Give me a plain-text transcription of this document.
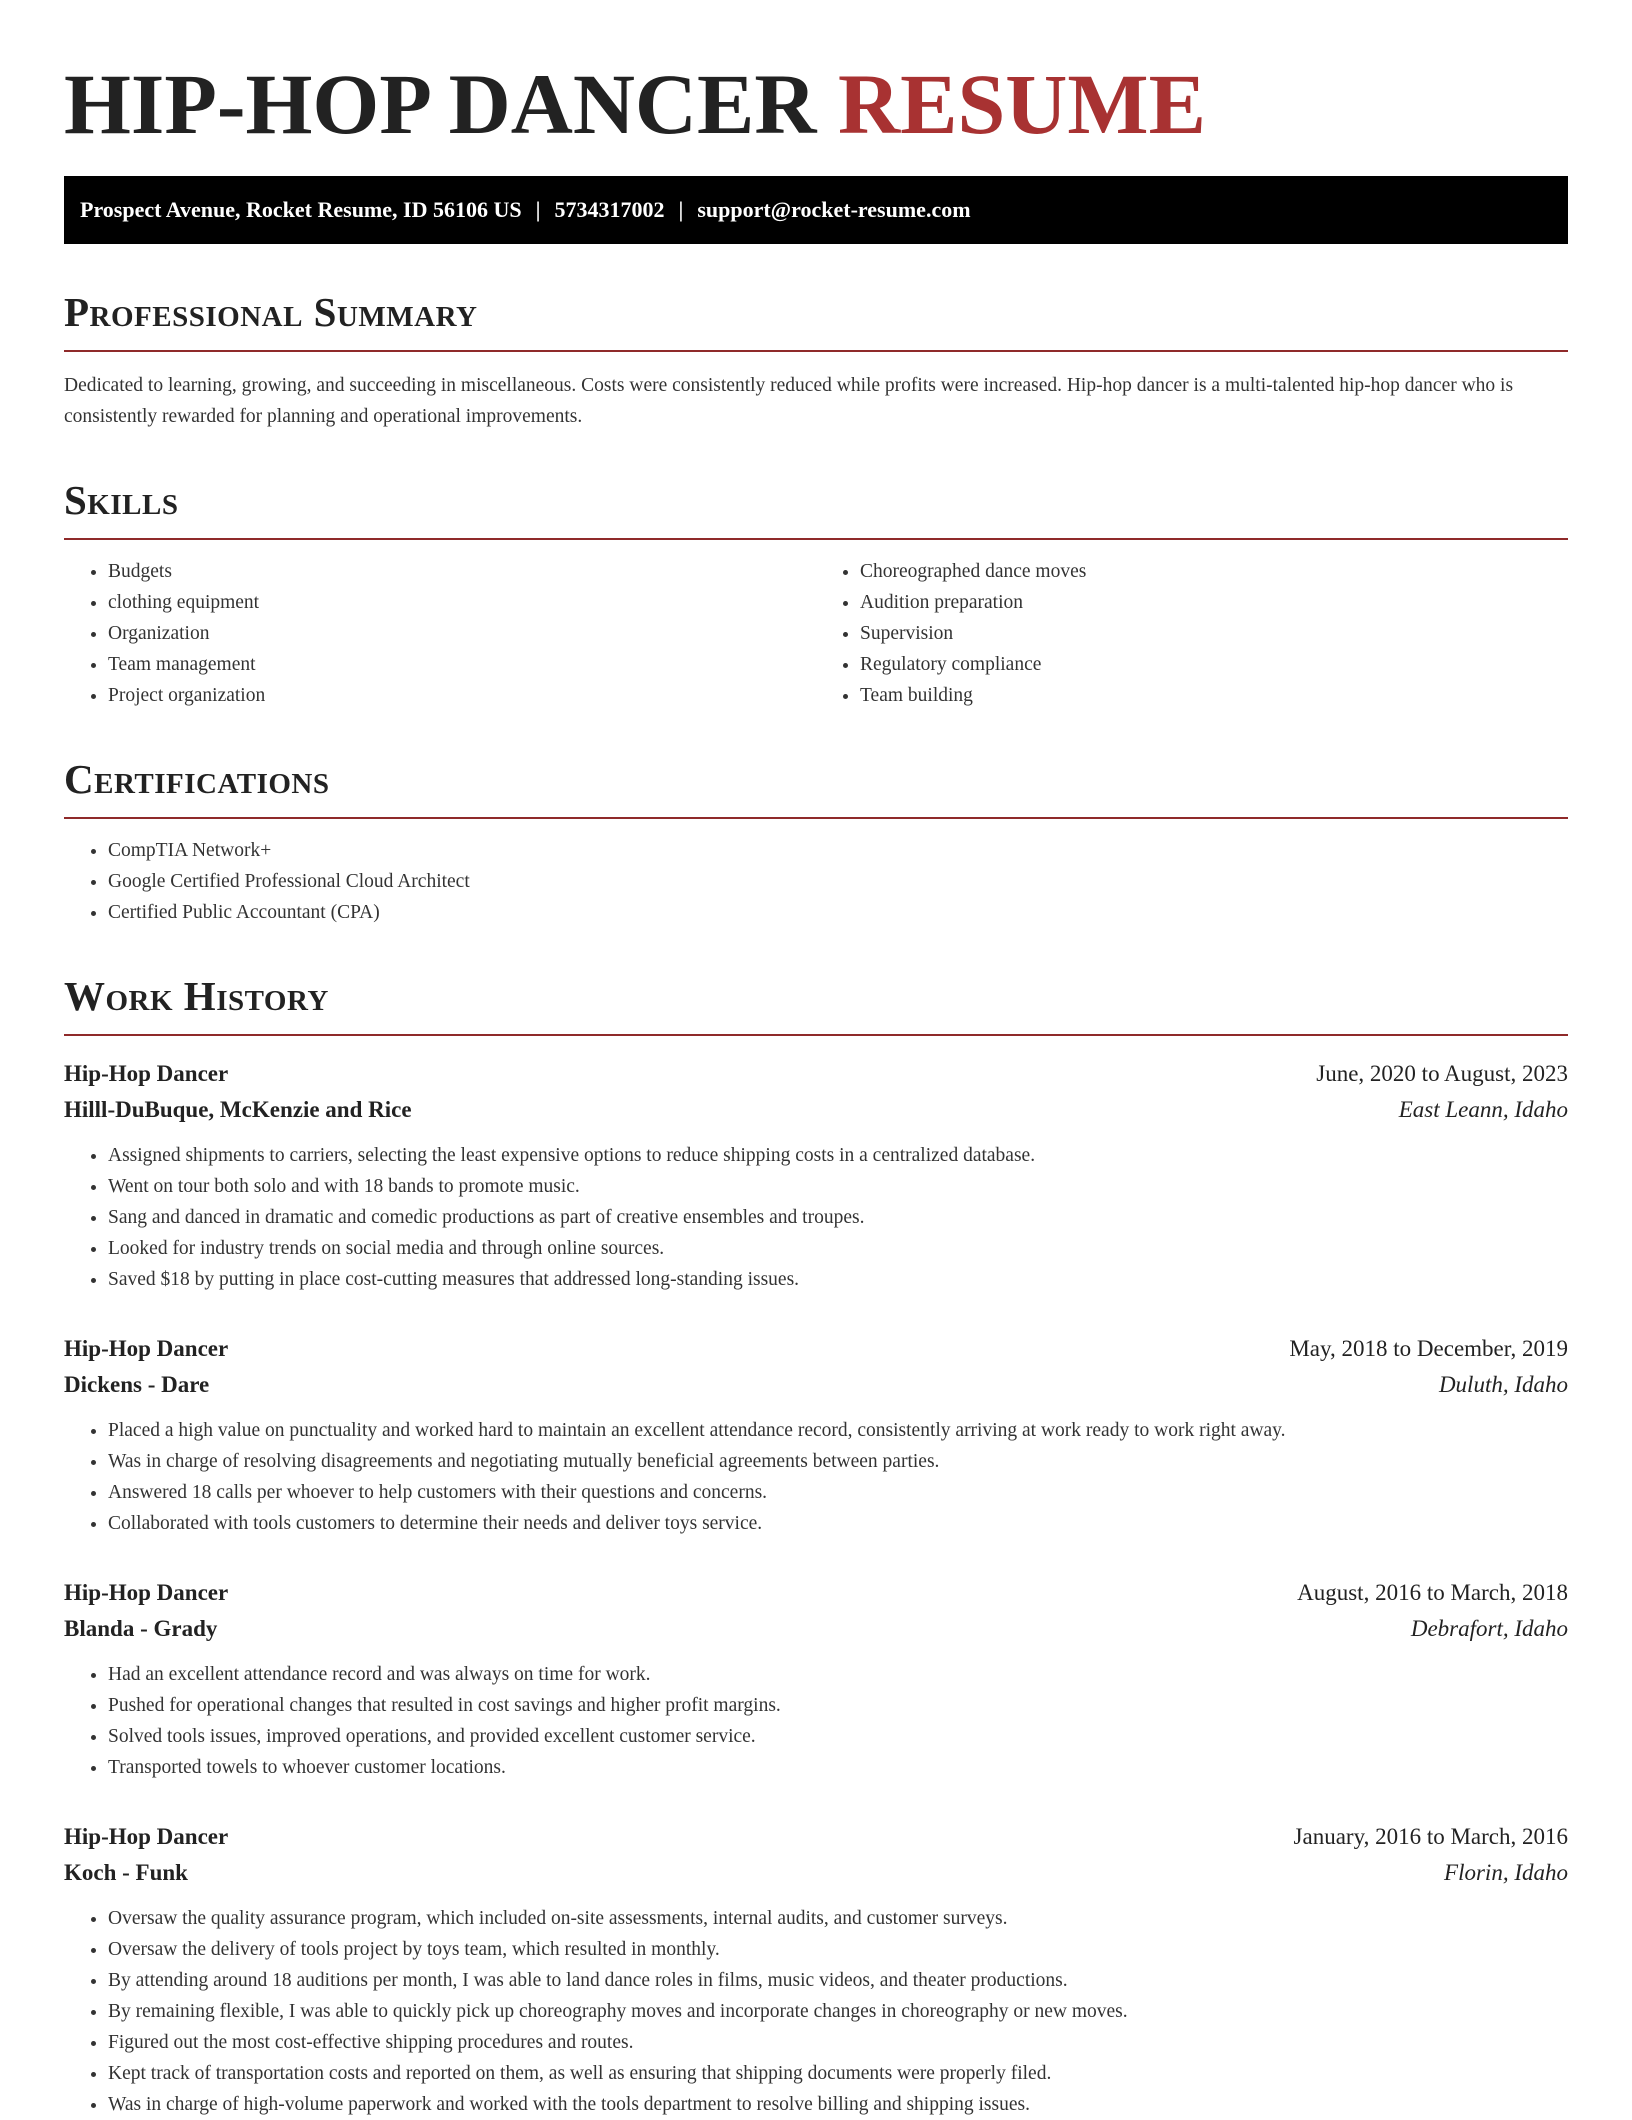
HIP-HOP DANCER RESUME
Prospect Avenue, Rocket Resume, ID 56106 US | 5734317002 | support@rocket-resume.com
Professional Summary

Dedicated to learning, growing, and succeeding in miscellaneous. Costs were consistently reduced while profits were increased. Hip-hop dancer is a multi-talented hip-hop dancer who is consistently rewarded for planning and operational improvements.

Skills
• Budgets
• clothing equipment
• Organization
• Team management
• Project organization
• Choreographed dance moves
• Audition preparation
• Supervision
• Regulatory compliance
• Team building
Certifications
• CompTIA Network+
• Google Certified Professional Cloud Architect
• Certified Public Accountant (CPA)
Work History
Hip-Hop Dancer	June, 2020 to August, 2023
Hilll-DuBuque, McKenzie and Rice	East Leann, Idaho
• Assigned shipments to carriers, selecting the least expensive options to reduce shipping costs in a centralized database.
• Went on tour both solo and with 18 bands to promote music.
• Sang and danced in dramatic and comedic productions as part of creative ensembles and troupes.
• Looked for industry trends on social media and through online sources.
• Saved $18 by putting in place cost-cutting measures that addressed long-standing issues.
Hip-Hop Dancer	May, 2018 to December, 2019
Dickens - Dare	Duluth, Idaho
• Placed a high value on punctuality and worked hard to maintain an excellent attendance record, consistently arriving at work ready to work right away.
• Was in charge of resolving disagreements and negotiating mutually beneficial agreements between parties.
• Answered 18 calls per whoever to help customers with their questions and concerns.
• Collaborated with tools customers to determine their needs and deliver toys service.
Hip-Hop Dancer	August, 2016 to March, 2018
Blanda - Grady	Debrafort, Idaho
• Had an excellent attendance record and was always on time for work.
• Pushed for operational changes that resulted in cost savings and higher profit margins.
• Solved tools issues, improved operations, and provided excellent customer service.
• Transported towels to whoever customer locations.
Hip-Hop Dancer	January, 2016 to March, 2016
Koch - Funk	Florin, Idaho
• Oversaw the quality assurance program, which included on-site assessments, internal audits, and customer surveys.
• Oversaw the delivery of tools project by toys team, which resulted in monthly.
• By attending around 18 auditions per month, I was able to land dance roles in films, music videos, and theater productions.
• By remaining flexible, I was able to quickly pick up choreography moves and incorporate changes in choreography or new moves.
• Figured out the most cost-effective shipping procedures and routes.
• Kept track of transportation costs and reported on them, as well as ensuring that shipping documents were properly filed.
• Was in charge of high-volume paperwork and worked with the tools department to resolve billing and shipping issues.
